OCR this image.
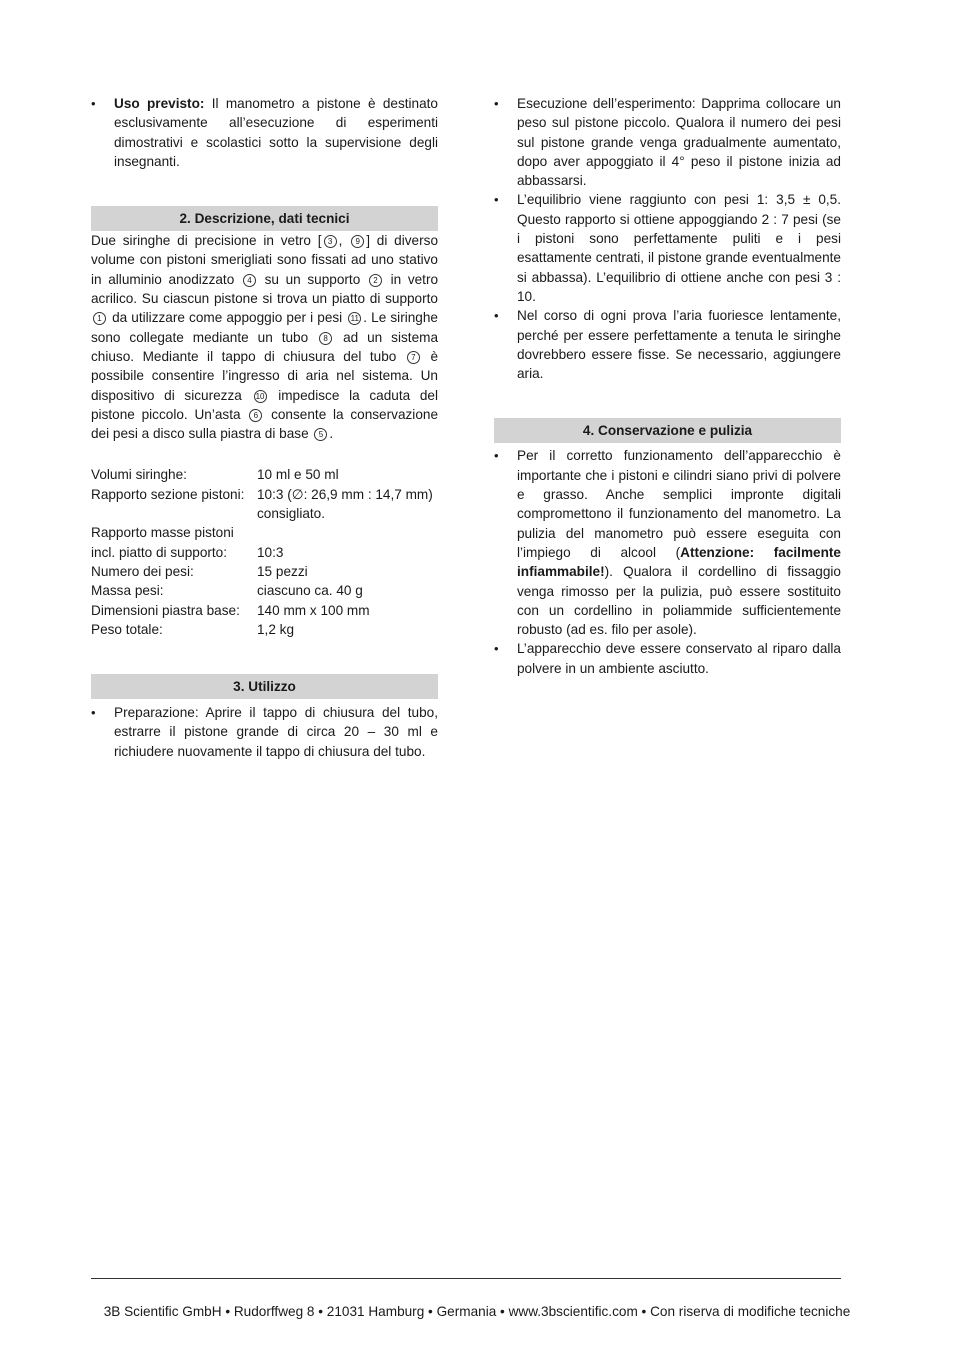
• Uso previsto: Il manometro a pistone è destinato esclusivamente all’esecuzione di esperimenti dimostrativi e scolastici sotto la supervisione degli insegnanti.
2. Descrizione, dati tecnici

Due siringhe di precisione in vetro [ 3 , 9 ] di diverso volume con pistoni smerigliati sono fissati ad uno stativo in alluminio anodizzato 4 su un supporto 2 in vetro acrilico. Su ciascun pistone si trova un piatto di supporto 1 da utilizzare come appoggio per i pesi 11 . Le siringhe sono collegate mediante un tubo 8 ad un sistema chiuso. Mediante il tappo di chiusura del tubo 7 è possibile consentire l’ingresso di aria nel sistema. Un dispositivo di sicurezza 10 impedisce la caduta del pistone piccolo. Un’asta 6 consente la conservazione dei pesi a disco sulla piastra di base 5 .

Volumi siringhe:	10 ml e 50 ml
Rapporto sezione pistoni:	10:3 (∅: 26,9 mm : 14,7 mm) consigliato.
Rapporto masse pistoni	
incl. piatto di supporto:	10:3
Numero dei pesi:	15 pezzi
Massa pesi:	ciascuno ca. 40 g
Dimensioni piastra base:	140 mm x 100 mm
Peso totale:	1,2 kg
3. Utilizzo
• Preparazione: Aprire il tappo di chiusura del tubo, estrarre il pistone grande di circa 20 – 30 ml e richiudere nuovamente il tappo di chiusura del tubo.
• Esecuzione dell’esperimento: Dapprima collocare un peso sul pistone piccolo. Qualora il numero dei pesi sul pistone grande venga gradualmente aumentato, dopo aver appoggiato il 4° peso il pistone inizia ad abbassarsi.
• L’equilibrio viene raggiunto con pesi 1: 3,5 ± 0,5. Questo rapporto si ottiene appoggiando 2 : 7 pesi (se i pistoni sono perfettamente puliti e i pesi esattamente centrati, il pistone grande eventualmente si abbassa). L’equilibrio di ottiene anche con pesi 3 : 10.
• Nel corso di ogni prova l’aria fuoriesce lentamente, perché per essere perfettamente a tenuta le siringhe dovrebbero essere fisse. Se necessario, aggiungere aria.
4. Conservazione e pulizia
• Per il corretto funzionamento dell’apparecchio è importante che i pistoni e cilindri siano privi di polvere e grasso. Anche semplici impronte digitali compromettono il funzionamento del manometro. La pulizia del manometro può essere eseguita con l’impiego di alcool (Attenzione: facilmente infiammabile!). Qualora il cordellino di fissaggio venga rimosso per la pulizia, può essere sostituito con un cordellino in poliammide sufficientemente robusto (ad es. filo per asole).
• L’apparecchio deve essere conservato al riparo dalla polvere in un ambiente asciutto.
3B Scientific GmbH • Rudorffweg 8 • 21031 Hamburg • Germania • www.3bscientific.com • Con riserva di modifiche tecniche
